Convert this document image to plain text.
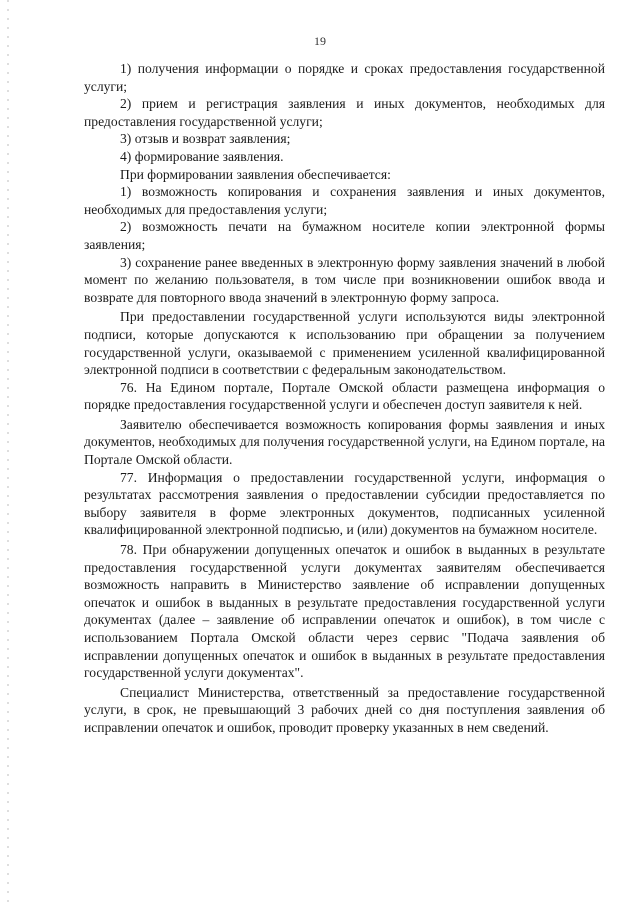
19

1) получения информации о порядке и сроках предоставления государственной услуги;

2) прием и регистрация заявления и иных документов, необходимых для предоставления государственной услуги;

3) отзыв и возврат заявления;

4) формирование заявления.

При формировании заявления обеспечивается:

1) возможность копирования и сохранения заявления и иных документов, необходимых для предоставления услуги;

2) возможность печати на бумажном носителе копии электронной формы заявления;

3) сохранение ранее введенных в электронную форму заявления значений в любой момент по желанию пользователя, в том числе при возникновении ошибок ввода и возврате для повторного ввода значений в электронную форму запроса.

При предоставлении государственной услуги используются виды электронной подписи, которые допускаются к использованию при обращении за получением государственной услуги, оказываемой с применением усиленной квалифицированной электронной подписи в соответствии с федеральным законодательством.

76. На Едином портале, Портале Омской области размещена информация о порядке предоставления государственной услуги и обеспечен доступ заявителя к ней.

Заявителю обеспечивается возможность копирования формы заявления и иных документов, необходимых для получения государственной услуги, на Едином портале, на Портале Омской области.

77. Информация о предоставлении государственной услуги, информация о результатах рассмотрения заявления о предоставлении субсидии предоставляется по выбору заявителя в форме электронных документов, подписанных усиленной квалифицированной электронной подписью, и (или) документов на бумажном носителе.

78. При обнаружении допущенных опечаток и ошибок в выданных в результате предоставления государственной услуги документах заявителям обеспечивается возможность направить в Министерство заявление об исправлении допущенных опечаток и ошибок в выданных в результате предоставления государственной услуги документах (далее – заявление об исправлении опечаток и ошибок), в том числе с использованием Портала Омской области через сервис "Подача заявления об исправлении допущенных опечаток и ошибок в выданных в результате предоставления государственной услуги документах".

Специалист Министерства, ответственный за предоставление государственной услуги, в срок, не превышающий 3 рабочих дней со дня поступления заявления об исправлении опечаток и ошибок, проводит проверку указанных в нем сведений.
